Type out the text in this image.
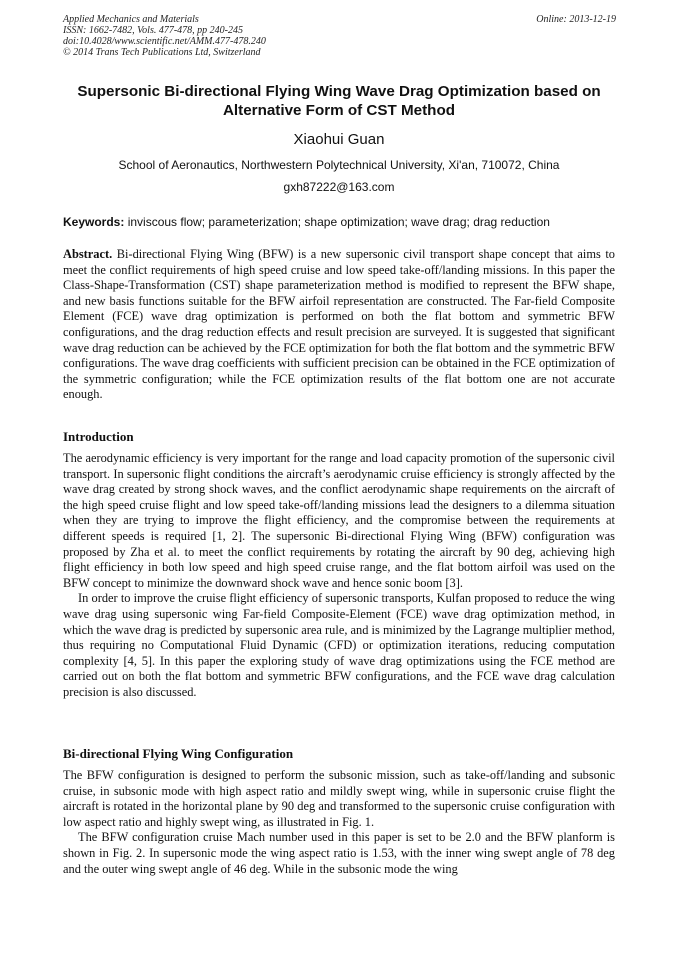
Applied Mechanics and Materials	Online: 2013-12-19
ISSN: 1662-7482, Vols. 477-478, pp 240-245
doi:10.4028/www.scientific.net/AMM.477-478.240
© 2014 Trans Tech Publications Ltd, Switzerland
Supersonic Bi-directional Flying Wing Wave Drag Optimization based on Alternative Form of CST Method
Xiaohui Guan
School of Aeronautics, Northwestern Polytechnical University, Xi'an, 710072, China
gxh87222@163.com
Keywords: inviscous flow; parameterization; shape optimization; wave drag; drag reduction

Abstract. Bi-directional Flying Wing (BFW) is a new supersonic civil transport shape concept that aims to meet the conflict requirements of high speed cruise and low speed take-off/landing missions. In this paper the Class-Shape-Transformation (CST) shape parameterization method is modified to represent the BFW shape, and new basis functions suitable for the BFW airfoil representation are constructed. The Far-field Composite Element (FCE) wave drag optimization is performed on both the flat bottom and symmetric BFW configurations, and the drag reduction effects and result precision are surveyed. It is suggested that significant wave drag reduction can be achieved by the FCE optimization for both the flat bottom and the symmetric BFW configurations. The wave drag coefficients with sufficient precision can be obtained in the FCE optimization of the symmetric configuration; while the FCE optimization results of the flat bottom one are not accurate enough.

Introduction

The aerodynamic efficiency is very important for the range and load capacity promotion of the supersonic civil transport. In supersonic flight conditions the aircraft’s aerodynamic cruise efficiency is strongly affected by the wave drag created by strong shock waves, and the conflict aerodynamic shape requirements on the aircraft of the high speed cruise flight and low speed take-off/landing missions lead the designers to a dilemma situation when they are trying to improve the flight efficiency, and the compromise between the requirements at different speeds is required [1, 2]. The supersonic Bi-directional Flying Wing (BFW) configuration was proposed by Zha et al. to meet the conflict requirements by rotating the aircraft by 90 deg, achieving high flight efficiency in both low speed and high speed cruise range, and the flat bottom airfoil was used on the BFW concept to minimize the downward shock wave and hence sonic boom [3].

In order to improve the cruise flight efficiency of supersonic transports, Kulfan proposed to reduce the wing wave drag using supersonic wing Far-field Composite-Element (FCE) wave drag optimization method, in which the wave drag is predicted by supersonic area rule, and is minimized by the Lagrange multiplier method, thus requiring no Computational Fluid Dynamic (CFD) or optimization iterations, reducing computation complexity [4, 5]. In this paper the exploring study of wave drag optimizations using the FCE method are carried out on both the flat bottom and symmetric BFW configurations, and the FCE wave drag calculation precision is also discussed.

Bi-directional Flying Wing Configuration

The BFW configuration is designed to perform the subsonic mission, such as take-off/landing and subsonic cruise, in subsonic mode with high aspect ratio and mildly swept wing, while in supersonic cruise flight the aircraft is rotated in the horizontal plane by 90 deg and transformed to the supersonic cruise configuration with low aspect ratio and highly swept wing, as illustrated in Fig. 1.

The BFW configuration cruise Mach number used in this paper is set to be 2.0 and the BFW planform is shown in Fig. 2. In supersonic mode the wing aspect ratio is 1.53, with the inner wing swept angle of 78 deg and the outer wing swept angle of 46 deg. While in the subsonic mode the wing
